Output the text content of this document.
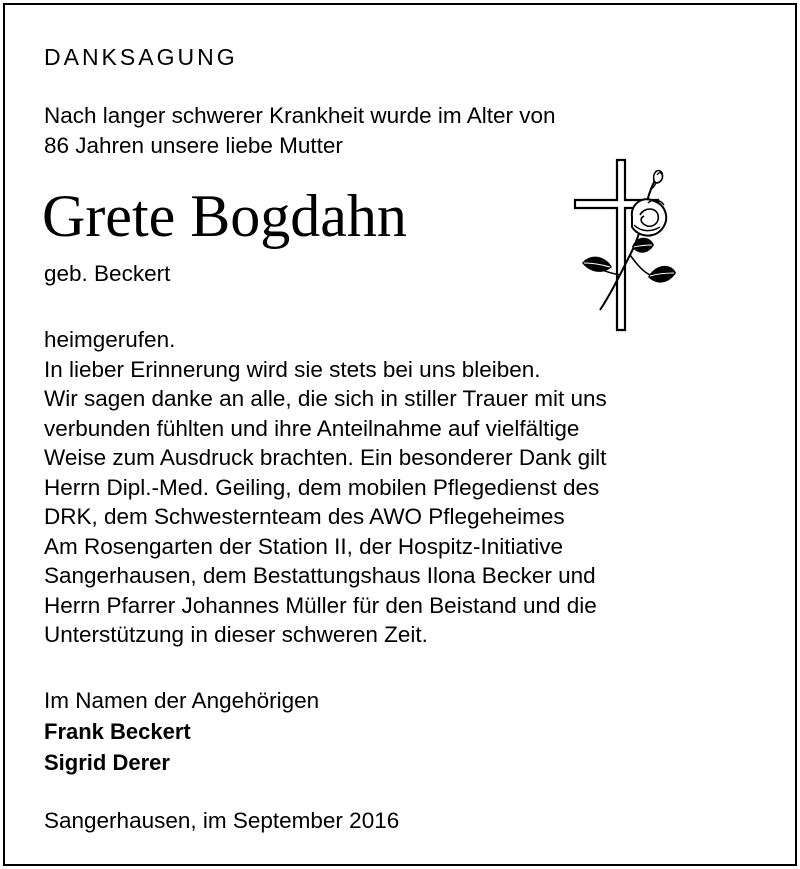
DANKSAGUNG

Nach langer schwerer Krankheit wurde im Alter von
86 Jahren unsere liebe Mutter

Grete Bogdahn

geb. Beckert

heimgerufen.
In lieber Erinnerung wird sie stets bei uns bleiben.
Wir sagen danke an alle, die sich in stiller Trauer mit uns
verbunden fühlten und ihre Anteilnahme auf vielfältige
Weise zum Ausdruck brachten. Ein besonderer Dank gilt
Herrn Dipl.-Med. Geiling, dem mobilen Pflegedienst des
DRK, dem Schwesternteam des AWO Pflegeheimes
Am Rosengarten der Station II, der Hospitz-Initiative
Sangerhausen, dem Bestattungshaus Ilona Becker und
Herrn Pfarrer Johannes Müller für den Beistand und die
Unterstützung in dieser schweren Zeit.

Im Namen der Angehörigen

Frank Beckert

Sigrid Derer

Sangerhausen, im September 2016
